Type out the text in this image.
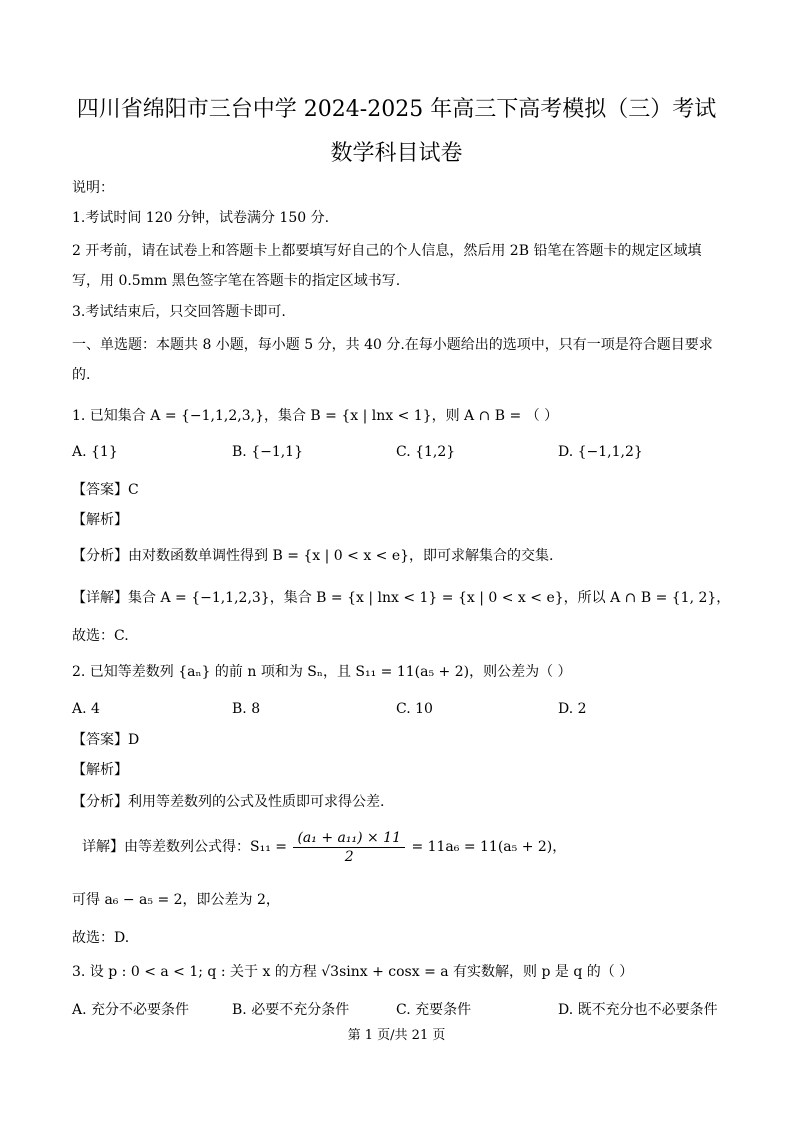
四川省绵阳市三台中学 2024-2025 年高三下高考模拟（三）考试
数学科目试卷
说明：
1.考试时间 120 分钟，试卷满分 150 分.
2 开考前，请在试卷上和答题卡上都要填写好自己的个人信息，然后用 2B 铅笔在答题卡的规定区域填写，用 0.5mm 黑色签字笔在答题卡的指定区域书写.
3.考试结束后，只交回答题卡即可.
一、单选题：本题共 8 小题，每小题 5 分，共 40 分.在每小题给出的选项中，只有一项是符合题目要求的.
1. 已知集合 A = {−1,1,2,3,}，集合 B = {x | lnx < 1}，则 A ∩ B = （ ）
A. {1}	B. {−1,1}	C. {1,2}	D. {−1,1,2}
【答案】C
【解析】
【分析】由对数函数单调性得到 B = {x | 0 < x < e}，即可求解集合的交集.
【详解】集合 A = {−1,1,2,3}，集合 B = {x | lnx < 1} = {x | 0 < x < e}，所以 A ∩ B = {1, 2}，
故选：C.
2. 已知等差数列 {aₙ} 的前 n 项和为 Sₙ，且 S₁₁ = 11(a₅ + 2)，则公差为（ ）
A. 4	B. 8	C. 10	D. 2
【答案】D
【解析】
【分析】利用等差数列的公式及性质即可求得公差.
详解】由等差数列公式得：$S_{11} = \frac{\text{(a₁ + a₁₁) × 11}}{2} = 11a_6 = 11(a_5 + 2)$，
可得 a₆ − a₅ = 2，即公差为 2，
故选：D.
3. 设 p : 0 < a < 1; q : 关于 x 的方程 √3sinx + cosx = a 有实数解，则 p 是 q 的（ ）
A. 充分不必要条件	B. 必要不充分条件	C. 充要条件	D. 既不充分也不必要条件
第 1 页/共 21 页
